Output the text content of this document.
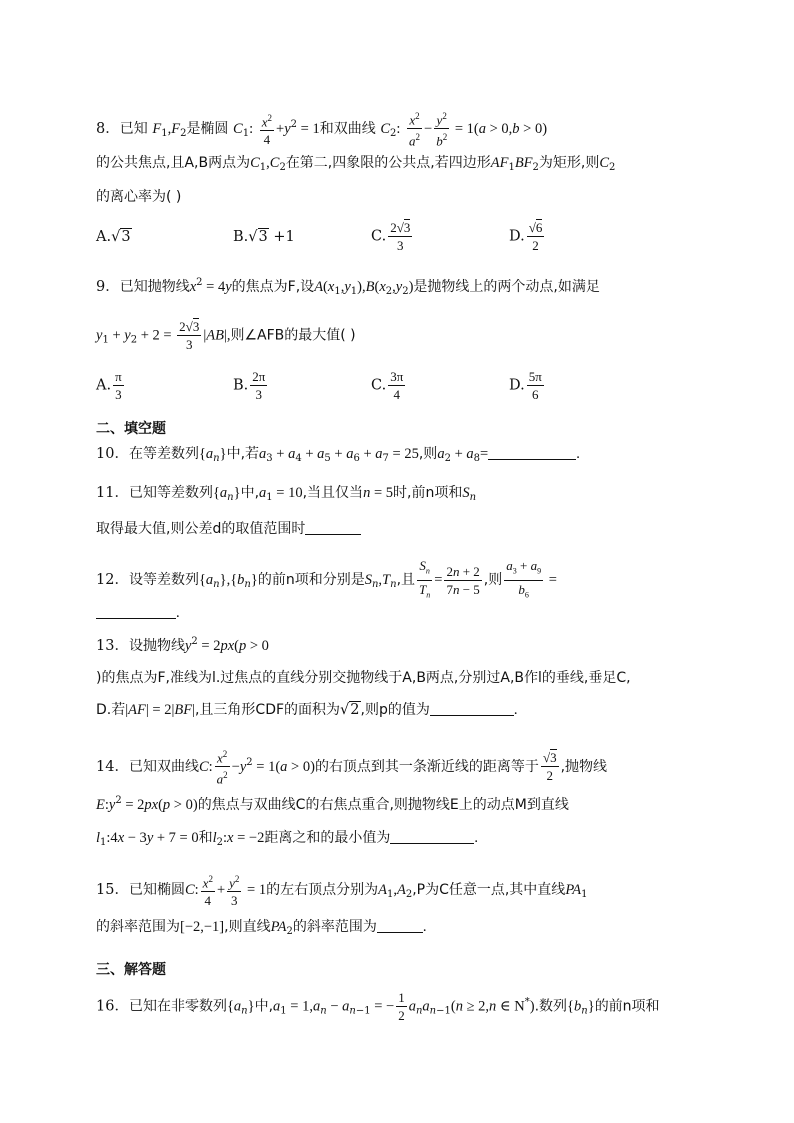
8．已知 $F_1,F_2$是椭圆 $C_1$: $\frac{x^2}{4} +y^2 = 1$和双曲线 $C_2$: $\frac{x^2}{a^2} - \frac{y^2}{b^2} = 1(a > 0,b > 0)$
的公共焦点,且A,B两点为$C_1,C_2$在第二,四象限的公共点,若四边形$AF_1BF_2$为矩形,则$C_2$
的离心率为( )
A.√3	B.√3 +1	C. $\frac{2√3}{3}$	D. $\frac{√6}{2}$
9．已知抛物线$x^2 = 4y$的焦点为F,设$A(x_1,y_1),B(x_2,y_2)$是抛物线上的两个动点,如满足
$y_1 + y_2 + 2 = \frac{2√3}{3} |AB|$,则∠AFB的最大值( )
A. $\frac{\pi}{3}$	B. $\frac{2\pi}{3}$	C. $\frac{3\pi}{4}$	D. $\frac{5\pi}{6}$
二、填空题
10．在等差数列$\{a_n\}$中,若$a_3 + a_4 + a_5 + a_6 + a_7 = 25$,则$a_2 + a_8=$	.
11．已知等差数列$\{a_n\}$中$,a_1 = 10$,当且仅当n = 5时,前n项和$S_n$
取得最大值,则公差d的取值范围时
12．设等差数列$\{a_n\},\{b_n\}$的前n项和分别是$S_n,T_n$,且 $\frac{S_n}{T_n} = \frac{2n + 2}{7n - 5}$ ,则 $\frac{a_3 + a_9}{b_6}$ =
.
13．设抛物线$y^2 = 2px(p > 0$
)的焦点为F,准线为l.过焦点的直线分别交抛物线于A,B两点,分别过A,B作l的垂线,垂足C,
D.若|AF| = 2|BF|,且三角形CDF的面积为√2,则p的值为	.
14．已知双曲线C: $\frac{x^2}{a^2} -y^2 = 1(a > 0)$的右顶点到其一条渐近线的距离等于 $\frac{√3}{2}$ ,抛物线
$E:y^2 = 2px(p > 0)$的焦点与双曲线C的右焦点重合,则抛物线E上的动点M到直线
$l_1:4x - 3y + 7 = 0$和$l_2:x = -2$距离之和的最小值为	.
15．已知椭圆C: $\frac{x^2}{4} + \frac{y^2}{3} = 1$的左右顶点分别为$A_1,A_2,P$为C任意一点,其中直线$PA_1$
的斜率范围为[−2,−1],则直线$PA_2$的斜率范围为	.
三、解答题
16．已知在非零数列$\{a_n\}$中$,a_1 = 1,a_n - a_{n-1}$ = − $\frac{1}{2} a_na_{n-1}(n \ge 2,n$ ∈ N*).数列$\{b_n\}$的前n项和
